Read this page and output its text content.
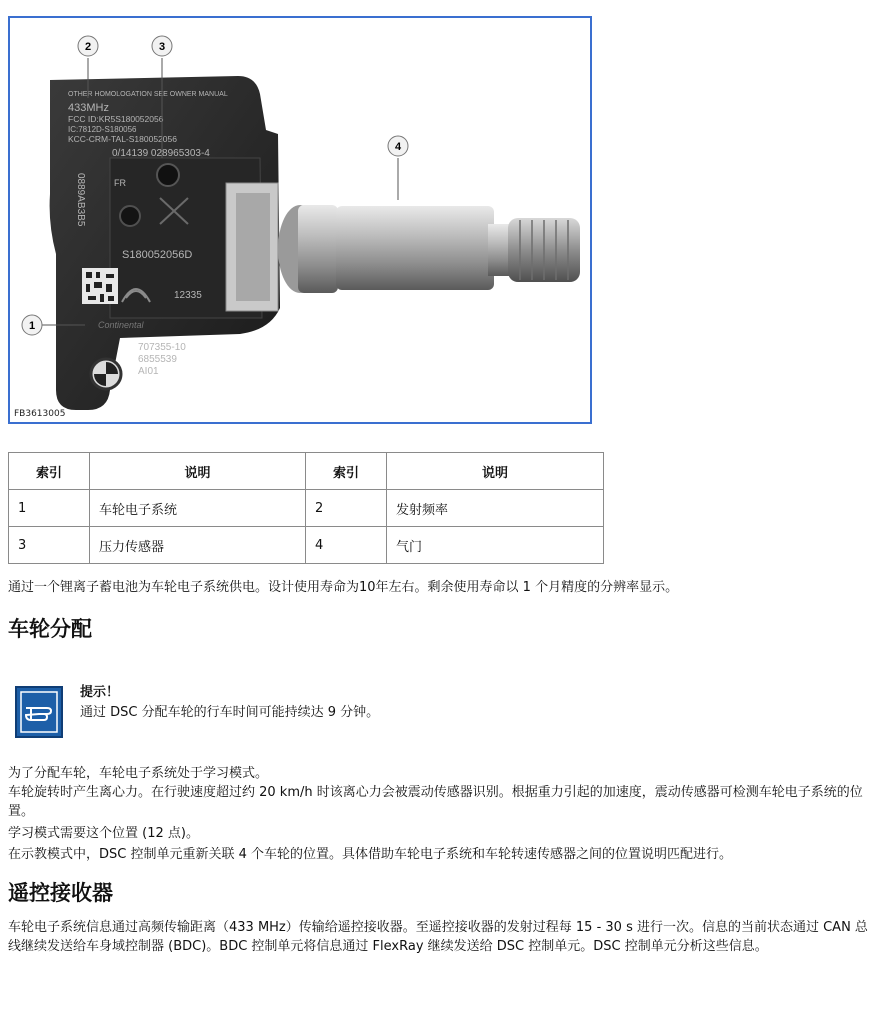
OTHER HOMOLOGATION SEE OWNER MANUAL
433MHz
FCC ID:KR5S180052056
IC:7812D-S180056
KCC-CRM-TAL-S180052056
0/14139 028965303-4
0889AB3B5	FR
S180052056D
12335
Continental
707355-10
6855539
AI01
1
2	3
4
FB3613005
索引	说明	索引	说明
1	车轮电子系统	2	发射频率
3	压力传感器	4	气门

通过一个锂离子蓄电池为车轮电子系统供电。设计使用寿命为10年左右。剩余使用寿命以 1 个月精度的分辨率显示。

车轮分配
提示！
通过 DSC 分配车轮的行车时间可能持续达 9 分钟。

为了分配车轮，车轮电子系统处于学习模式。

车轮旋转时产生离心力。在行驶速度超过约 20 km/h 时该离心力会被震动传感器识别。根据重力引起的加速度，震动传感器可检测车轮电子系统的位置。

学习模式需要这个位置 (12 点)。

在示教模式中，DSC 控制单元重新关联 4 个车轮的位置。具体借助车轮电子系统和车轮转速传感器之间的位置说明匹配进行。

遥控接收器

车轮电子系统信息通过高频传输距离（433 MHz）传输给遥控接收器。至遥控接收器的发射过程每 15 - 30 s 进行一次。信息的当前状态通过 CAN 总线继续发送给车身域控制器 (BDC)。BDC 控制单元将信息通过 FlexRay 继续发送给 DSC 控制单元。DSC 控制单元分析这些信息。
